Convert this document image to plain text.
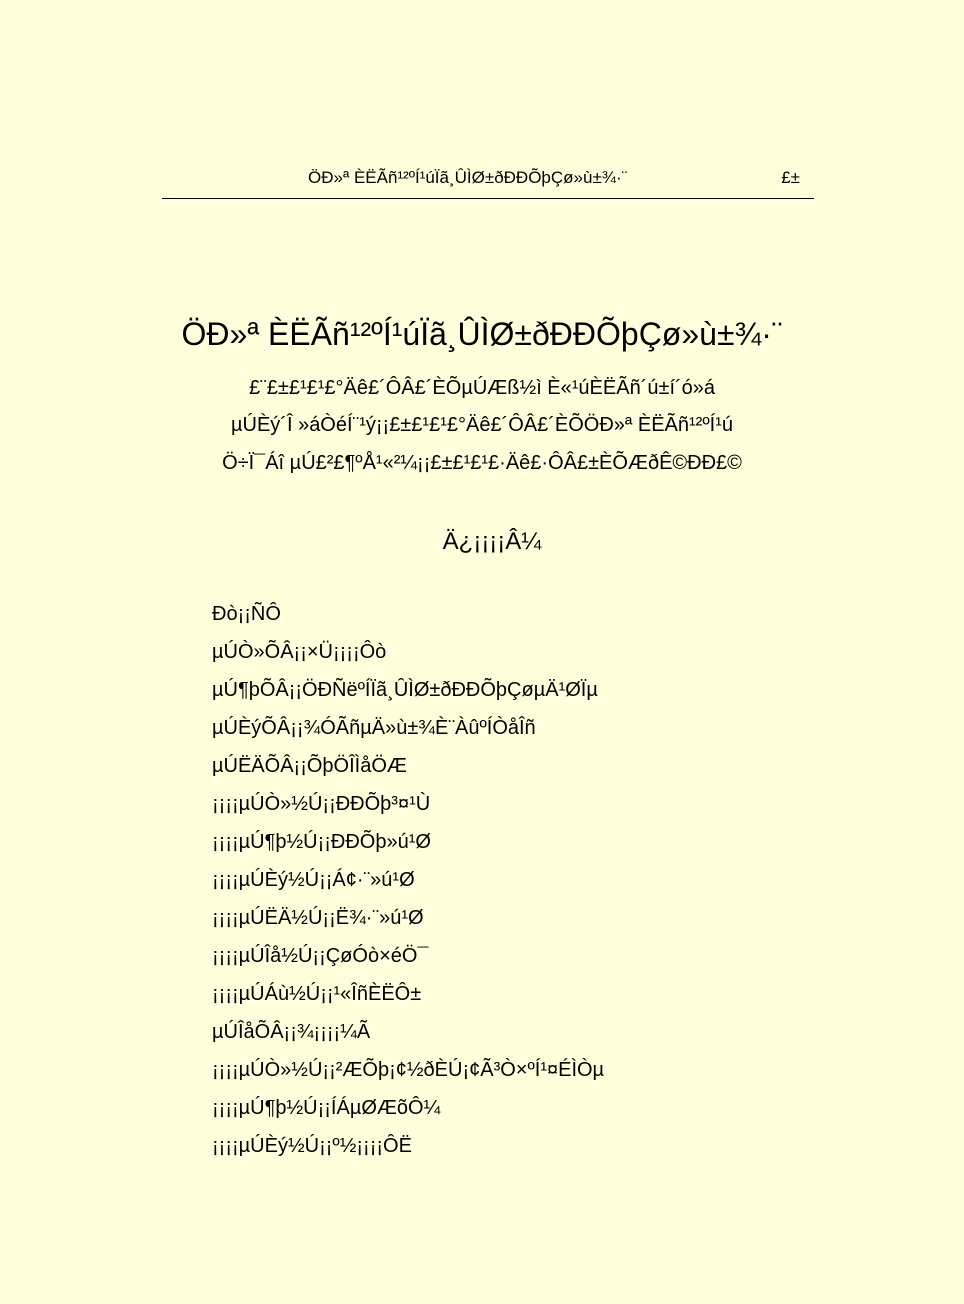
ÖÐ»ª ÈËÃñ¹²ºÍ¹úÏã¸ÛÌØ±ðÐÐÕþÇø»ù±¾·¨	£±
ÖÐ»ª ÈËÃñ¹²ºÍ¹úÏã¸ÛÌØ±ðÐÐÕþÇø»ù±¾·¨
£¨£±£¹£¹£°Äê£´ÔÂ£´ÈÕµÚÆß½ì È«¹úÈËÃñ´ú±í´ó»á
µÚÈý´Î »áÒéÍ¨¹ý¡¡£±£¹£¹£°Äê£´ÔÂ£´ÈÕÖÐ»ª ÈËÃñ¹²ºÍ¹ú
Ö÷Ï¯Áî µÚ£²£¶ºÅ¹«²¼¡¡£±£¹£¹£·Äê£·ÔÂ£±ÈÕÆðÊ©ÐÐ£©
Ä¿¡¡¡¡Â¼
Ðò¡¡ÑÔ
µÚÒ»ÕÂ¡¡×Ü¡¡¡¡Ôò
µÚ¶þÕÂ¡¡ÖÐÑëºÍÏã¸ÛÌØ±ðÐÐÕþÇøµÄ¹ØÏµ
µÚÈýÕÂ¡¡¾ÓÃñµÄ»ù±¾È¨ÀûºÍÒåÎñ
µÚËÄÕÂ¡¡ÕþÖÎÌåÖÆ
¡¡¡¡µÚÒ»½Ú¡¡ÐÐÕþ³¤¹Ù
¡¡¡¡µÚ¶þ½Ú¡¡ÐÐÕþ»ú¹Ø
¡¡¡¡µÚÈý½Ú¡¡Á¢·¨»ú¹Ø
¡¡¡¡µÚËÄ½Ú¡¡Ë¾·¨»ú¹Ø
¡¡¡¡µÚÎå½Ú¡¡ÇøÓò×éÖ¯
¡¡¡¡µÚÁù½Ú¡¡¹«ÎñÈËÔ±
µÚÎåÕÂ¡¡¾¡¡¡¡¼Ã
¡¡¡¡µÚÒ»½Ú¡¡²ÆÕþ¡¢½ðÈÚ¡¢Ã³Ò×ºÍ¹¤ÉÌÒµ
¡¡¡¡µÚ¶þ½Ú¡¡ÍÁµØÆõÔ¼
¡¡¡¡µÚÈý½Ú¡¡º½¡¡¡¡ÔË
